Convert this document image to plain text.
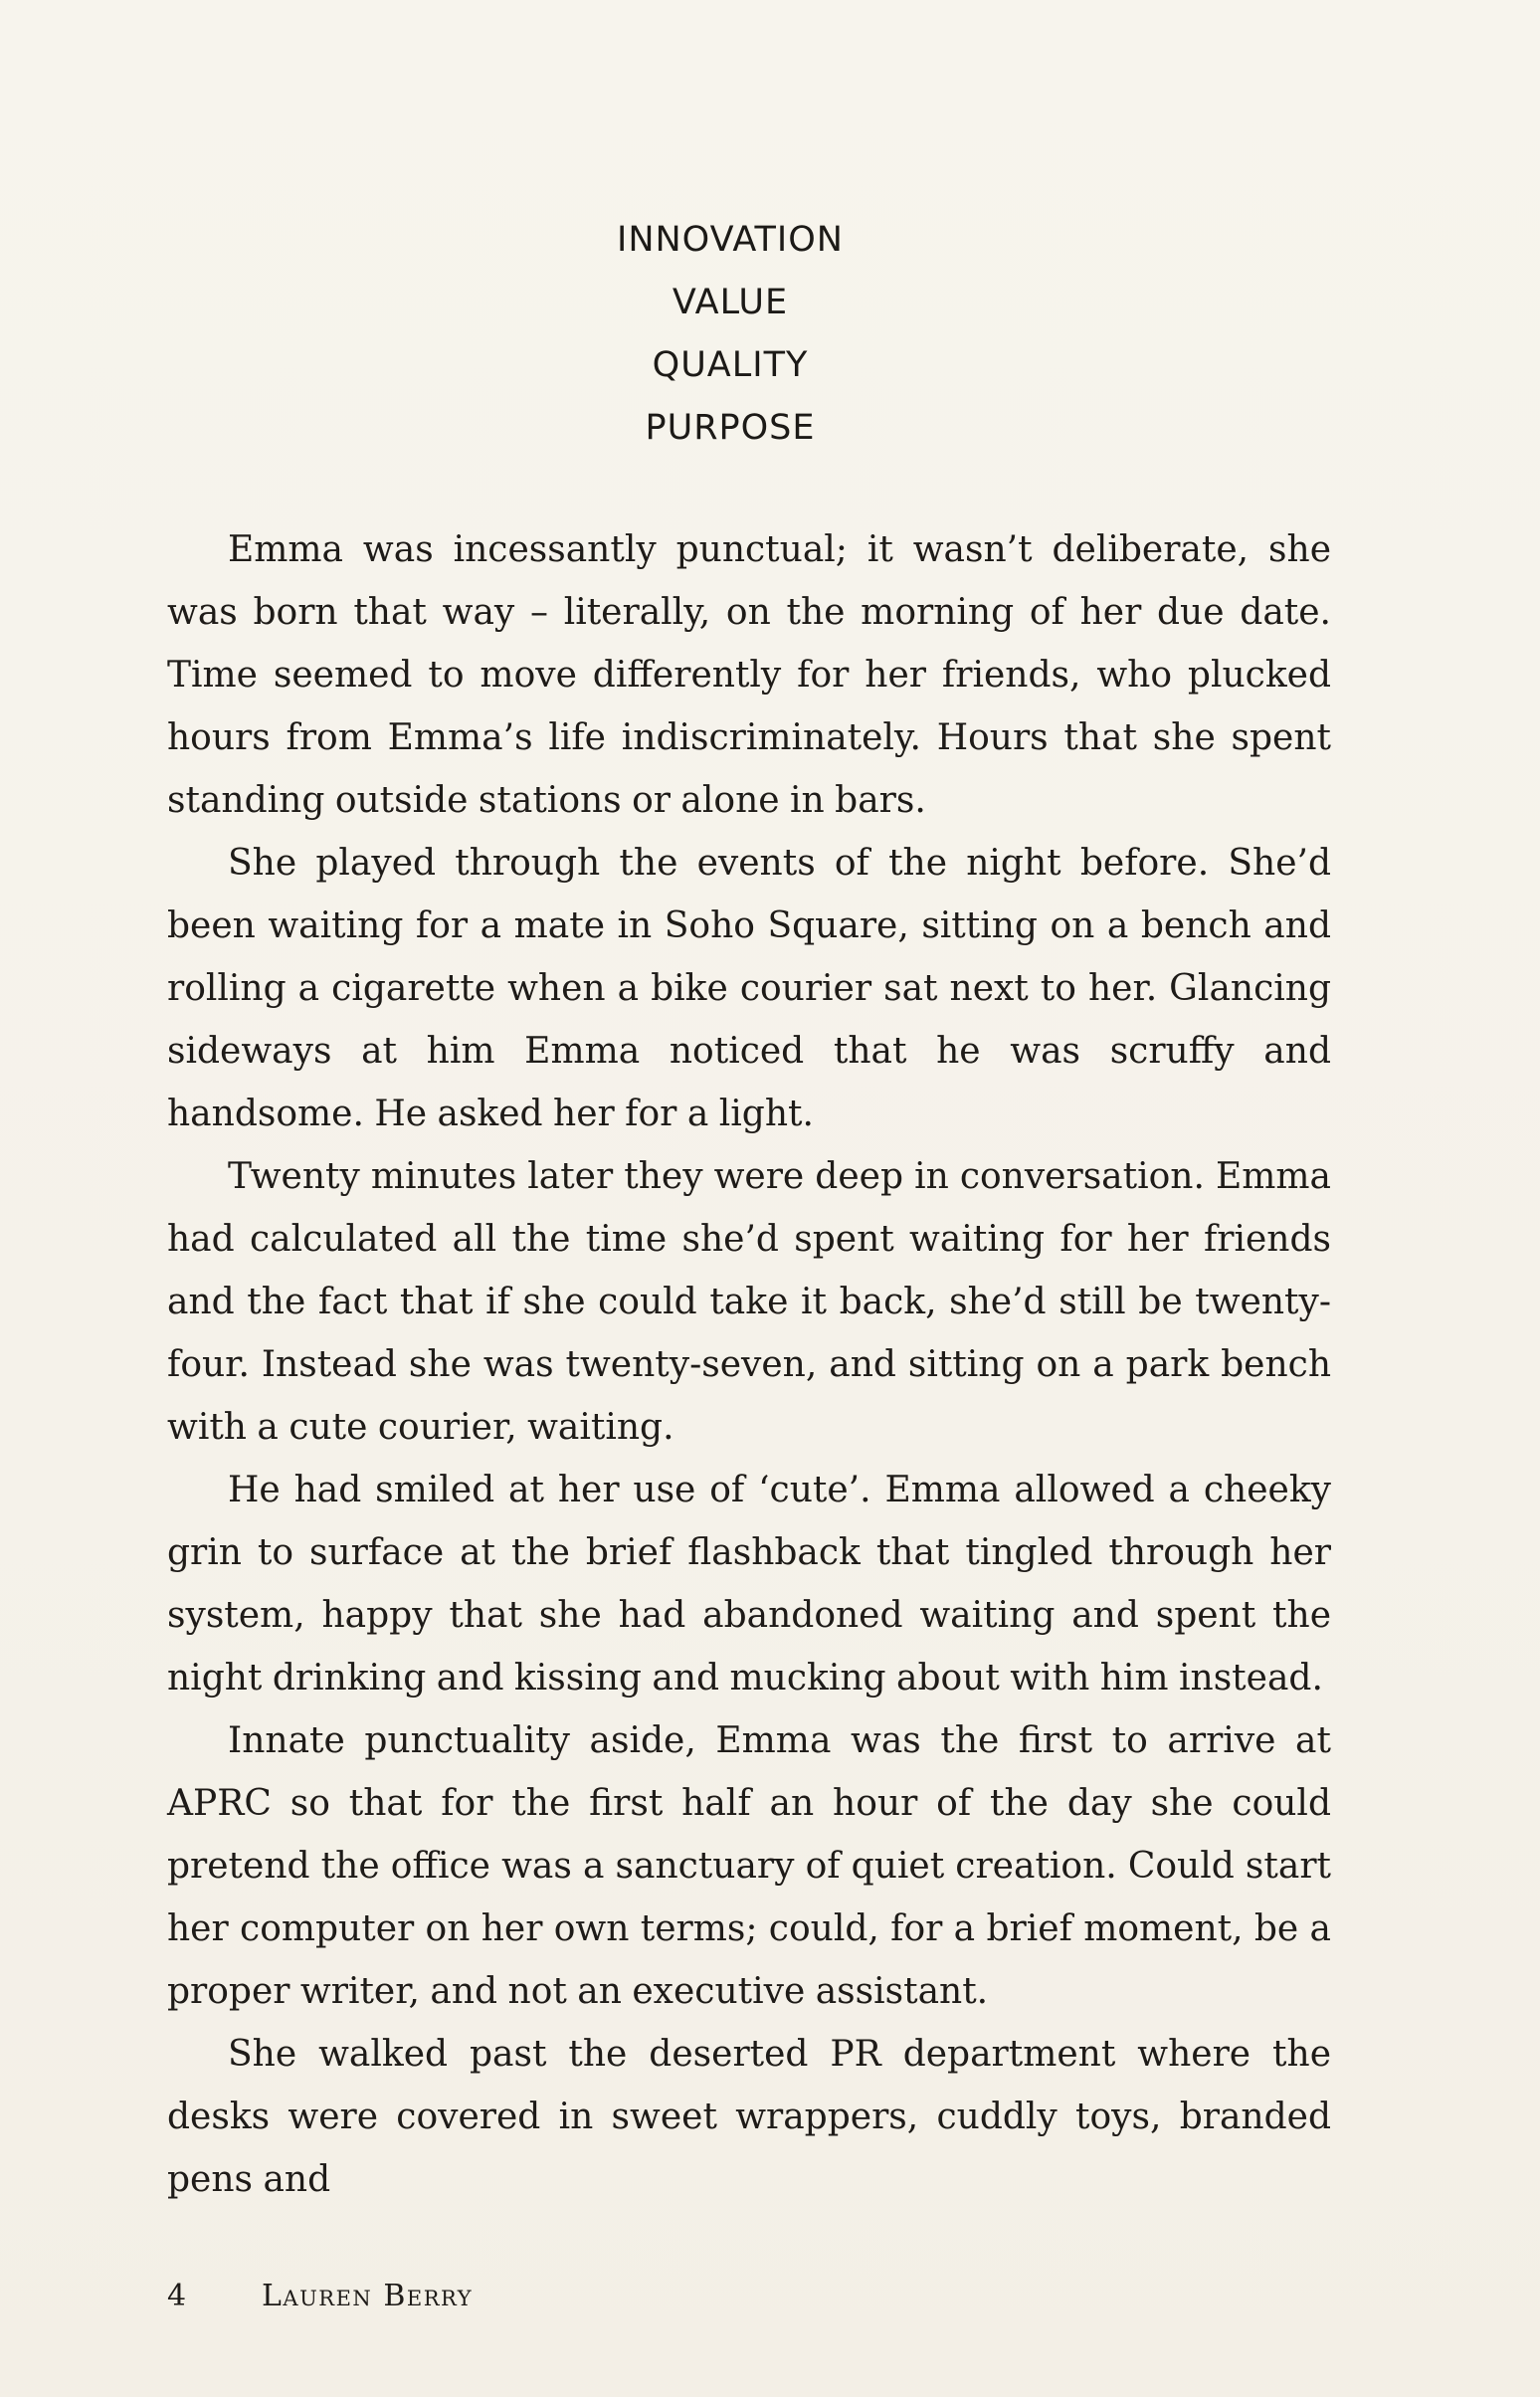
INNOVATION
VALUE
QUALITY
PURPOSE

Emma was incessantly punctual; it wasn’t deliberate, she was born that way – literally, on the morning of her due date. Time seemed to move differently for her friends, who plucked hours from Emma’s life indiscriminately. Hours that she spent standing outside stations or alone in bars.

She played through the events of the night before. She’d been waiting for a mate in Soho Square, sitting on a bench and rolling a cigarette when a bike courier sat next to her. Glancing sideways at him Emma noticed that he was scruffy and handsome. He asked her for a light.

Twenty minutes later they were deep in conversation. Emma had calculated all the time she’d spent waiting for her friends and the fact that if she could take it back, she’d still be twenty-four. Instead she was twenty-seven, and sitting on a park bench with a cute courier, waiting.

He had smiled at her use of ‘cute’. Emma allowed a cheeky grin to surface at the brief flashback that tingled through her system, happy that she had abandoned waiting and spent the night drinking and kissing and mucking about with him instead.

Innate punctuality aside, Emma was the first to arrive at APRC so that for the first half an hour of the day she could pretend the office was a sanctuary of quiet creation. Could start her computer on her own terms; could, for a brief moment, be a proper writer, and not an executive assistant.

She walked past the deserted PR department where the desks were covered in sweet wrappers, cuddly toys, branded pens and

4	Lauren Berry
